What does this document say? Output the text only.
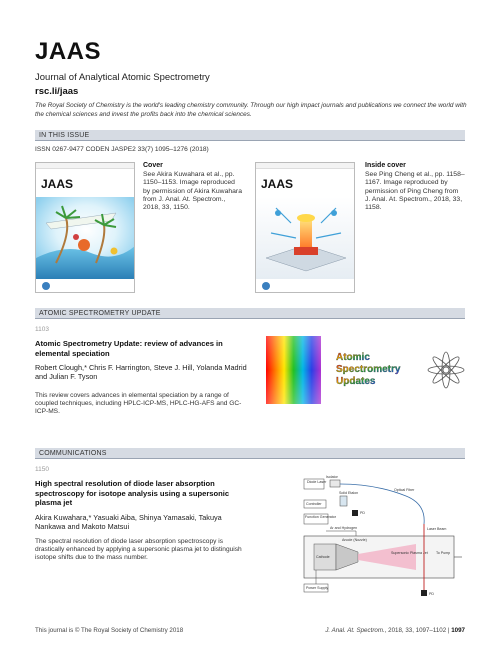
JAAS
Journal of Analytical Atomic Spectrometry
rsc.li/jaas
The Royal Society of Chemistry is the world's leading chemistry community. Through our high impact journals and publications we connect the world with the chemical sciences and invest the profits back into the chemical sciences.
IN THIS ISSUE
ISSN 0267-9477 CODEN JASPE2 33(7) 1095–1276 (2018)
JAAS
Cover
See Akira Kuwahara et al., pp. 1150–1153. Image reproduced by permission of Akira Kuwahara from J. Anal. At. Spectrom., 2018, 33, 1150.
JAAS
Inside cover
See Ping Cheng et al., pp. 1158–1167. Image reproduced by permission of Ping Cheng from J. Anal. At. Spectrom., 2018, 33, 1158.
ATOMIC SPECTROMETRY UPDATE
1103
Atomic Spectrometry Update: review of advances in elemental speciation
Robert Clough,* Chris F. Harrington, Steve J. Hill, Yolanda Madrid and Julian F. Tyson
This review covers advances in elemental speciation by a range of coupled techniques, including HPLC-ICP-MS, HPLC-HG-AFS and GC-ICP-MS.
Atomic
Spectrometry
Updates
COMMUNICATIONS
1150
High spectral resolution of diode laser absorption spectroscopy for isotope analysis using a supersonic plasma jet
Akira Kuwahara,* Yasuaki Aiba, Shinya Yamasaki, Takuya Nankawa and Makoto Matsui
The spectral resolution of diode laser absorption spectroscopy is drastically enhanced by applying a supersonic plasma jet to distinguish isotope shifts due to the mass number.
Diode Laser
Isolator
Controller
Solid Etalon
Function Generator
PD
Optical Fiber
Ar and Hydrogen
Cathode
Anode (Nozzle)
Supersonic Plasma Jet
Laser Beam
To Pump
PD
Power Supply
This journal is © The Royal Society of Chemistry 2018	J. Anal. At. Spectrom., 2018, 33, 1097–1102 | 1097
